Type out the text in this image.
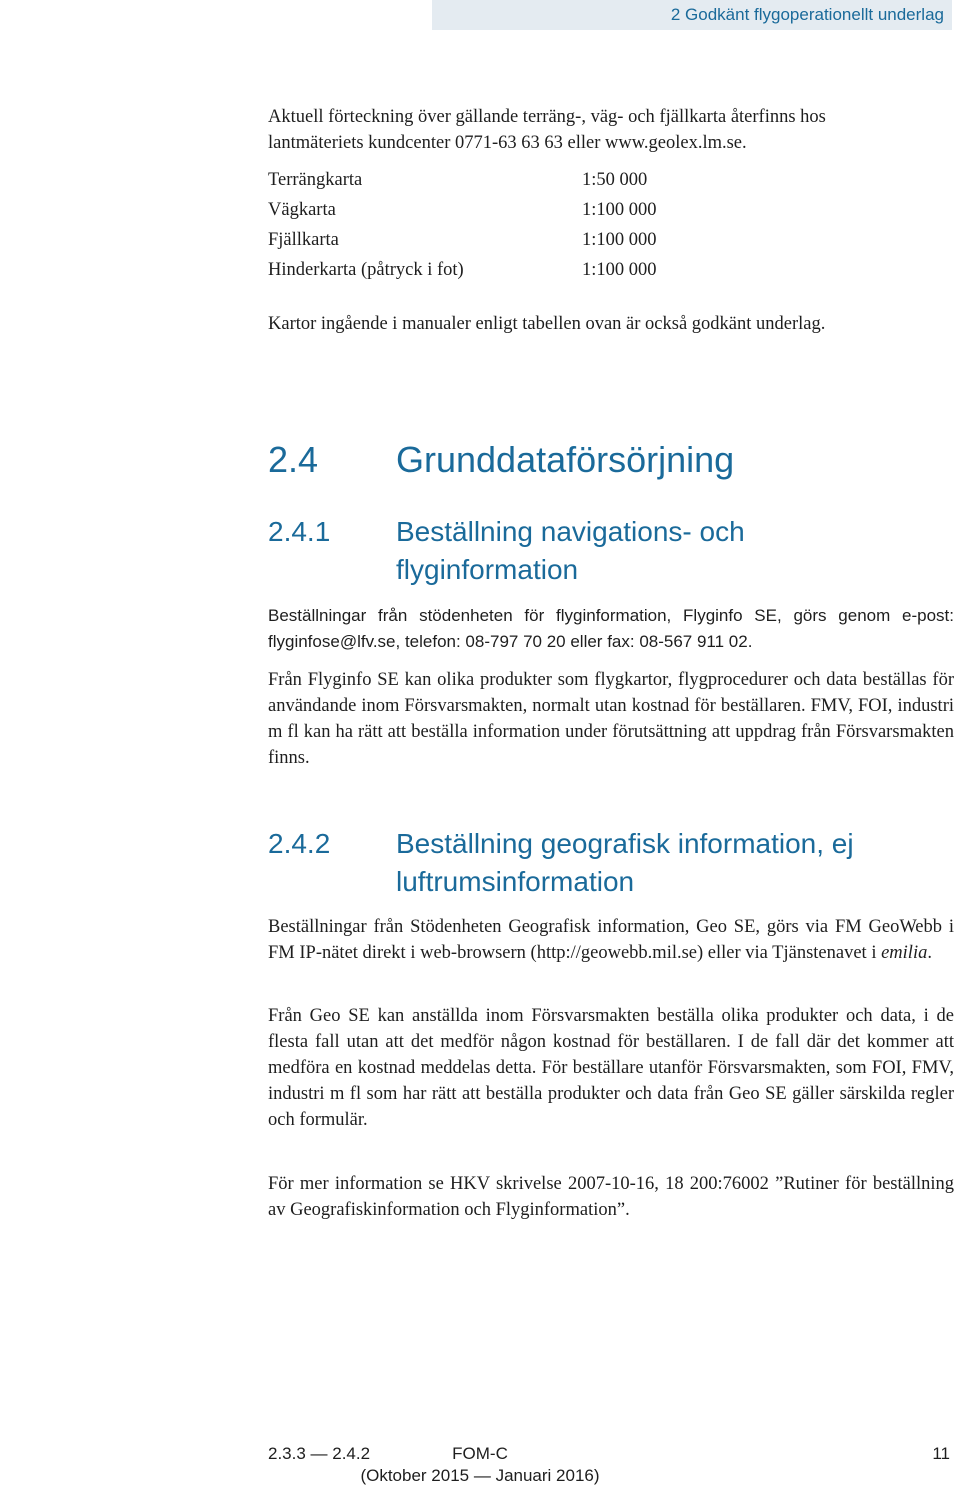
2 Godkänt flygoperationellt underlag
Aktuell förteckning över gällande terräng-, väg- och fjällkarta återfinns hos
lantmäteriets kundcenter 0771-63 63 63 eller www.geolex.lm.se.
Terrängkarta	1:50 000
Vägkarta	1:100 000
Fjällkarta	1:100 000
Hinderkarta (påtryck i fot)	1:100 000
Kartor ingående i manualer enligt tabellen ovan är också godkänt underlag.
2.4 Grunddataförsörjning
2.4.1 Beställning navigations- och
flyginformation
Beställningar från stödenheten för flyginformation, Flyginfo SE, görs genom e-post: flyginfose@lfv.se, telefon: 08-797 70 20 eller fax: 08-567 911 02.
Från Flyginfo SE kan olika produkter som flygkartor, flygprocedurer och data beställas för användande inom Försvarsmakten, normalt utan kostnad för beställaren. FMV, FOI, industri m fl kan ha rätt att beställa information under förutsättning att uppdrag från Försvarsmakten finns.
2.4.2 Beställning geografisk information, ej
luftrumsinformation
Beställningar från Stödenheten Geografisk information, Geo SE, görs via FM GeoWebb i FM IP-nätet direkt i web-browsern (http://geowebb.mil.se) eller via Tjänstenavet i emilia.
Från Geo SE kan anställda inom Försvarsmakten beställa olika produkter och data, i de flesta fall utan att det medför någon kostnad för beställaren. I de fall där det kommer att medföra en kostnad meddelas detta. För beställare utanför Försvarsmakten, som FOI, FMV, industri m fl som har rätt att beställa produkter och data från Geo SE gäller särskilda regler och formulär.
För mer information se HKV skrivelse 2007-10-16, 18 200:76002 ”Rutiner för beställning av Geografiskinformation och Flyginformation”.
2.3.3 — 2.4.2	FOM-C
(Oktober 2015 — Januari 2016)
11
